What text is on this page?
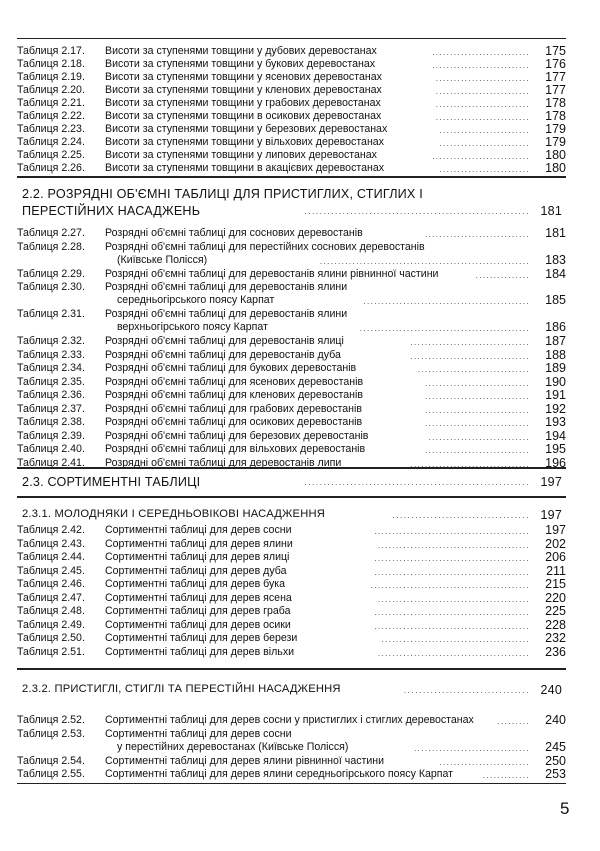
Таблиця 2.17. Висоти за ступенями товщини у дубових деревостанах	...........................	175
Таблиця 2.18. Висоти за ступенями товщини у букових деревостанах	...........................	176
Таблиця 2.19. Висоти за ступенями товщини у ясенових деревостанах	..........................	177
Таблиця 2.20. Висоти за ступенями товщини у кленових деревостанах	..........................	177
Таблиця 2.21. Висоти за ступенями товщини у грабових деревостанах	..........................	178
Таблиця 2.22. Висоти за ступенями товщини в осикових деревостанах	..........................	178
Таблиця 2.23. Висоти за ступенями товщини у березових деревостанах	.........................	179
Таблиця 2.24. Висоти за ступенями товщини у вільхових деревостанах	.........................	179
Таблиця 2.25. Висоти за ступенями товщини у липових деревостанах	...........................	180
Таблиця 2.26. Висоти за ступенями товщини в акацієвих деревостанах	.........................	180
2.2. РОЗРЯДНІ ОБ'ЄМНІ ТАБЛИЦІ ДЛЯ ПРИСТИГЛИХ, СТИГЛИХ І
ПЕРЕСТІЙНИХ НАСАДЖЕНЬ	........................................................... 181
Таблиця 2.27. Розрядні об'ємні таблиці для соснових деревостанів	.............................	181
Таблиця 2.28. Розрядні об'ємні таблиці для перестійних соснових деревостанів
(Київське Полісся)	..........................................................	183
Таблиця 2.29. Розрядні об'ємні таблиці для деревостанів ялини рівнинної частини	...............	184
Таблиця 2.30. Розрядні об'ємні таблиці для деревостанів ялини
середньогірського поясу Карпат	..............................................	185
Таблиця 2.31. Розрядні об'ємні таблиці для деревостанів ялини
верхньогірського поясу Карпат	...............................................	186
Таблиця 2.32. Розрядні об'ємні таблиці для деревостанів ялиці	.................................	187
Таблиця 2.33. Розрядні об'ємні таблиці для деревостанів дуба	.................................	188
Таблиця 2.34. Розрядні об'ємні таблиці для букових деревостанів	...............................	189
Таблиця 2.35. Розрядні об'ємні таблиці для ясенових деревостанів	.............................	190
Таблиця 2.36. Розрядні об'ємні таблиці для кленових деревостанів	.............................	191
Таблиця 2.37. Розрядні об'ємні таблиці для грабових деревостанів	.............................	192
Таблиця 2.38. Розрядні об'ємні таблиці для осикових деревостанів	.............................	193
Таблиця 2.39. Розрядні об'ємні таблиці для березових деревостанів	............................	194
Таблиця 2.40. Розрядні об'ємні таблиці для вільхових деревостанів	.............................	195
Таблиця 2.41. Розрядні об'ємні таблиці для деревостанів липи	.................................	196
2.3. СОРТИМЕНТНІ ТАБЛИЦІ	........................................................... 197
2.3.1. МОЛОДНЯКИ І СЕРЕДНЬОВІКОВІ НАСАДЖЕННЯ	.................................... 197
Таблиця 2.42. Сортиментні таблиці для дерев сосни	...........................................	197
Таблиця 2.43. Сортиментні таблиці для дерев ялини	..........................................	202
Таблиця 2.44. Сортиментні таблиці для дерев ялиці	...........................................	206
Таблиця 2.45. Сортиментні таблиці для дерев дуба	...........................................	211
Таблиця 2.46. Сортиментні таблиці для дерев бука	............................................	215
Таблиця 2.47. Сортиментні таблиці для дерев ясена	..........................................	220
Таблиця 2.48. Сортиментні таблиці для дерев граба	...........................................	225
Таблиця 2.49. Сортиментні таблиці для дерев осики	...........................................	228
Таблиця 2.50. Сортиментні таблиці для дерев берези	.........................................	232
Таблиця 2.51. Сортиментні таблиці для дерев вільхи	..........................................	236
2.3.2. ПРИСТИГЛІ, СТИГЛІ ТА ПЕРЕСТІЙНІ НАСАДЖЕННЯ	................................. 240
Таблиця 2.52. Сортиментні таблиці для дерев сосни у пристиглих і стиглих деревостанах	.........	240
Таблиця 2.53. Сортиментні таблиці для дерев сосни
у перестійних деревостанах (Київське Полісся)	................................	245
Таблиця 2.54. Сортиментні таблиці для дерев ялини рівнинної частини	.........................	250
Таблиця 2.55. Сортиментні таблиці для дерев ялини середньогірського поясу Карпат	.............	253
5
